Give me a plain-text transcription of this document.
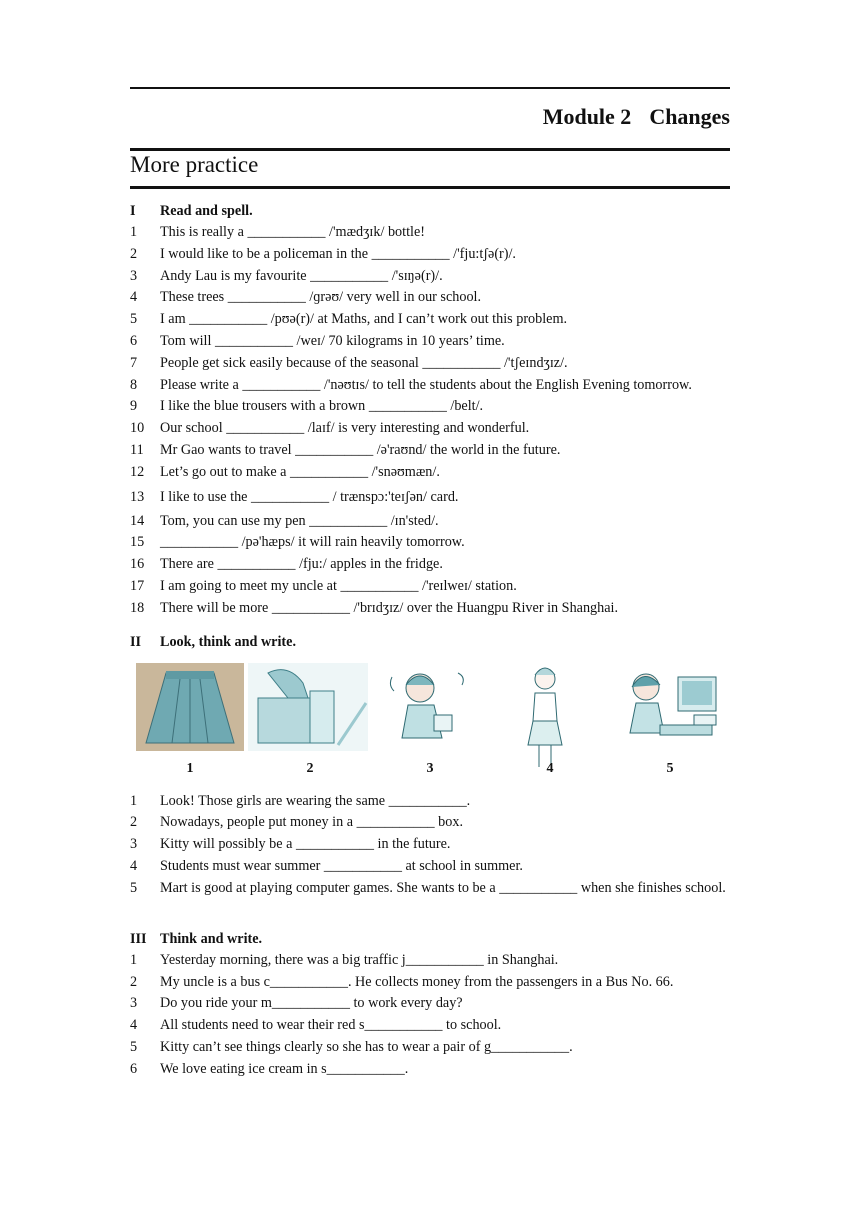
Module 2 Changes
More practice
I	Read and spell.
1	This is really a ___________ /'mædʒɪk/ bottle!
2	I would like to be a policeman in the ___________ /'fju:tʃə(r)/.
3	Andy Lau is my favourite ___________ /'sɪŋə(r)/.
4	These trees ___________ /ɡrəʊ/ very well in our school.
5	I am ___________ /pʊə(r)/ at Maths, and I can’t work out this problem.
6	Tom will ___________ /weɪ/ 70 kilograms in 10 years’ time.
7	People get sick easily because of the seasonal ___________ /'tʃeɪndʒɪz/.
8	Please write a ___________ /'nəʊtɪs/ to tell the students about the English Evening tomorrow.
9	I like the blue trousers with a brown ___________ /belt/.
10	Our school ___________ /laɪf/ is very interesting and wonderful.
11	Mr Gao wants to travel ___________ /ə'raʊnd/ the world in the future.
12	Let’s go out to make a ___________ /'snəʊmæn/.
13	I like to use the ___________ / trænspɔ:'teɪʃən/ card.
14	Tom, you can use my pen ___________ /ɪn'sted/.
15	___________ /pə'hæps/ it will rain heavily tomorrow.
16	There are ___________ /fju:/ apples in the fridge.
17	I am going to meet my uncle at ___________ /'reɪlweɪ/ station.
18	There will be more ___________ /'brɪdʒɪz/ over the Huangpu River in Shanghai.
II	Look, think and write.
1	2	3	4	5
1	Look! Those girls are wearing the same ___________.
2	Nowadays, people put money in a ___________ box.
3	Kitty will possibly be a ___________ in the future.
4	Students must wear summer ___________ at school in summer.
5	Mart is good at playing computer games. She wants to be a ___________ when she finishes school.
III Think and write.
1	Yesterday morning, there was a big traffic j___________ in Shanghai.
2	My uncle is a bus c___________. He collects money from the passengers in a Bus No. 66.
3	Do you ride your m___________ to work every day?
4	All students need to wear their red s___________ to school.
5	Kitty can’t see things clearly so she has to wear a pair of g___________.
6	We love eating ice cream in s___________.
